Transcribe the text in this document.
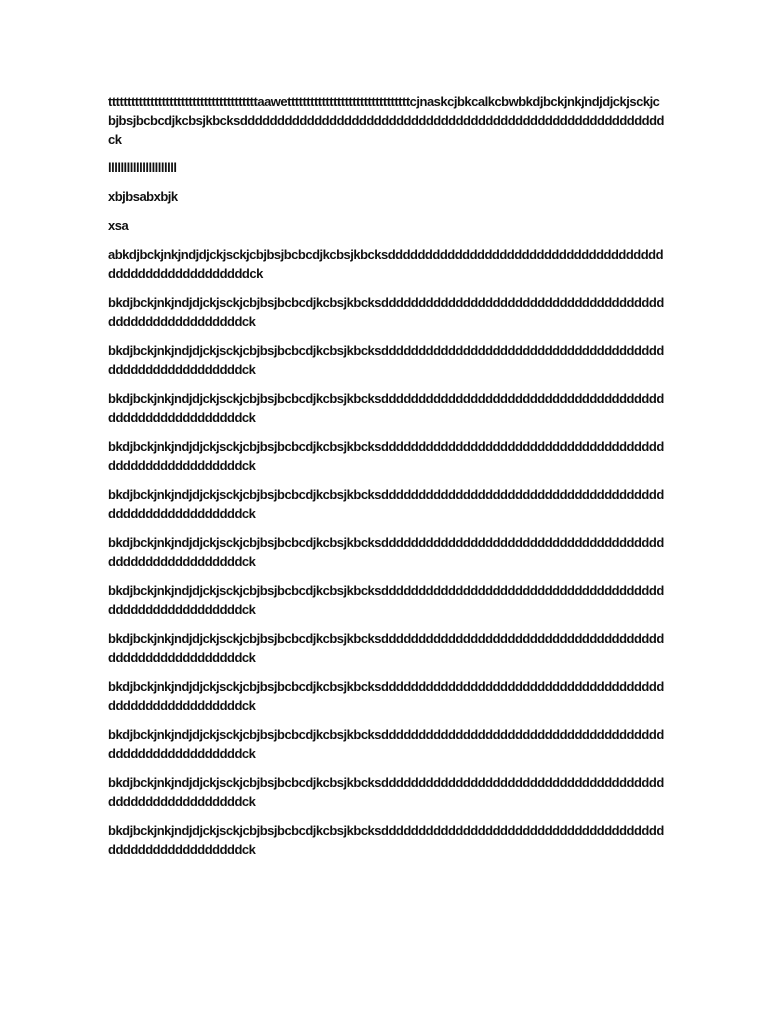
tttttttttttttttttttttttttttttttttttttttaawettttttttttttttttttttttttttttttttcjnaskcjbkcalkcbwbkdjbckjnkjndjdjckjsckjcbjbsjbcbcdjkcbsjkbcksdddddddddddddddddddddddddddddddddddddddddddddddddddddddddck

llllllllllllllllllllll

xbjbsabxbjk

xsa

abkdjbckjnkjndjdjckjsckjcbjbsjbcbcdjkcbsjkbcksddddddddddddddddddddddddddddddddddddddddddddddddddddddddck

bkdjbckjnkjndjdjckjsckjcbjbsjbcbcdjkcbsjkbcksddddddddddddddddddddddddddddddddddddddddddddddddddddddddck

bkdjbckjnkjndjdjckjsckjcbjbsjbcbcdjkcbsjkbcksddddddddddddddddddddddddddddddddddddddddddddddddddddddddck

bkdjbckjnkjndjdjckjsckjcbjbsjbcbcdjkcbsjkbcksddddddddddddddddddddddddddddddddddddddddddddddddddddddddck

bkdjbckjnkjndjdjckjsckjcbjbsjbcbcdjkcbsjkbcksddddddddddddddddddddddddddddddddddddddddddddddddddddddddck

bkdjbckjnkjndjdjckjsckjcbjbsjbcbcdjkcbsjkbcksddddddddddddddddddddddddddddddddddddddddddddddddddddddddck

bkdjbckjnkjndjdjckjsckjcbjbsjbcbcdjkcbsjkbcksddddddddddddddddddddddddddddddddddddddddddddddddddddddddck

bkdjbckjnkjndjdjckjsckjcbjbsjbcbcdjkcbsjkbcksddddddddddddddddddddddddddddddddddddddddddddddddddddddddck

bkdjbckjnkjndjdjckjsckjcbjbsjbcbcdjkcbsjkbcksddddddddddddddddddddddddddddddddddddddddddddddddddddddddck

bkdjbckjnkjndjdjckjsckjcbjbsjbcbcdjkcbsjkbcksddddddddddddddddddddddddddddddddddddddddddddddddddddddddck

bkdjbckjnkjndjdjckjsckjcbjbsjbcbcdjkcbsjkbcksddddddddddddddddddddddddddddddddddddddddddddddddddddddddck

bkdjbckjnkjndjdjckjsckjcbjbsjbcbcdjkcbsjkbcksddddddddddddddddddddddddddddddddddddddddddddddddddddddddck

bkdjbckjnkjndjdjckjsckjcbjbsjbcbcdjkcbsjkbcksddddddddddddddddddddddddddddddddddddddddddddddddddddddddck
